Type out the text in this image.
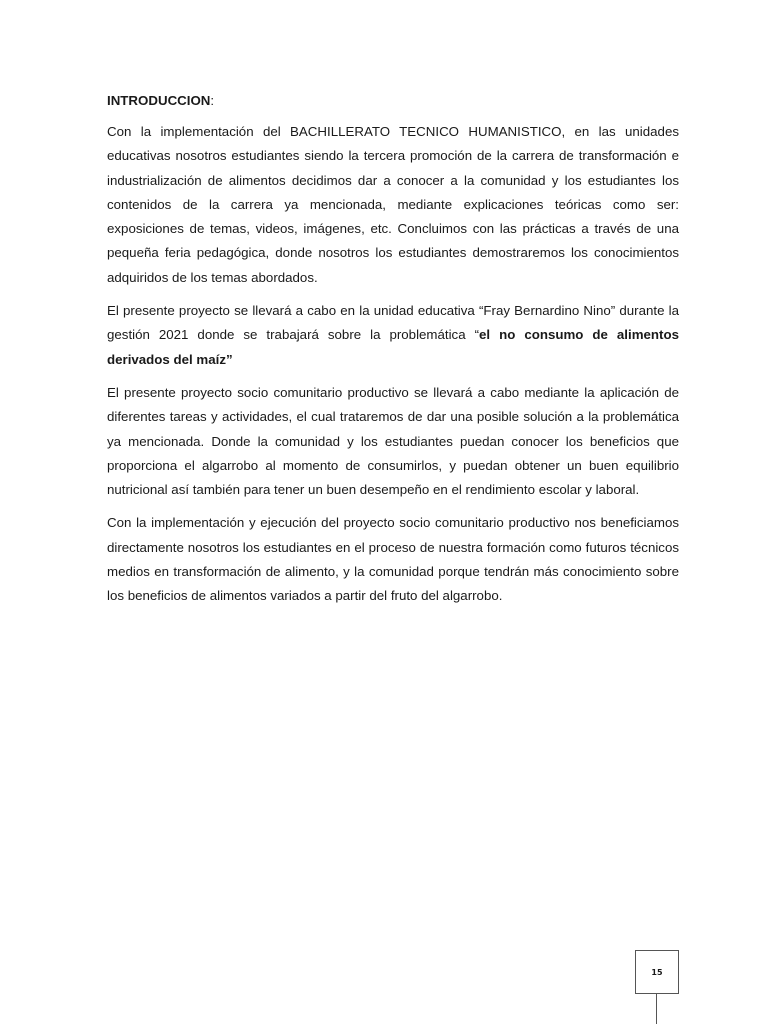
INTRODUCCION:

Con la implementación del BACHILLERATO TECNICO HUMANISTICO, en las unidades educativas nosotros estudiantes siendo la tercera promoción de la carrera de transformación e industrialización de alimentos decidimos dar a conocer a la comunidad y los estudiantes los contenidos de la carrera ya mencionada, mediante explicaciones teóricas como ser: exposiciones de temas, videos, imágenes, etc. Concluimos con las prácticas a través de una pequeña feria pedagógica, donde nosotros los estudiantes demostraremos los conocimientos adquiridos de los temas abordados.

El presente proyecto se llevará a cabo en la unidad educativa “Fray Bernardino Nino” durante la gestión 2021 donde se trabajará sobre la problemática “el no consumo de alimentos derivados del maíz”

El presente proyecto socio comunitario productivo se llevará a cabo mediante la aplicación de diferentes tareas y actividades, el cual trataremos de dar una posible solución a la problemática ya mencionada. Donde la comunidad y los estudiantes puedan conocer los beneficios que proporciona el algarrobo al momento de consumirlos, y puedan obtener un buen equilibrio nutricional así también para tener un buen desempeño en el rendimiento escolar y laboral.

Con la implementación y ejecución del proyecto socio comunitario productivo nos beneficiamos directamente nosotros los estudiantes en el proceso de nuestra formación como futuros técnicos medios en transformación de alimento, y la comunidad porque tendrán más conocimiento sobre los beneficios de alimentos variados a partir del fruto del algarrobo.

15
